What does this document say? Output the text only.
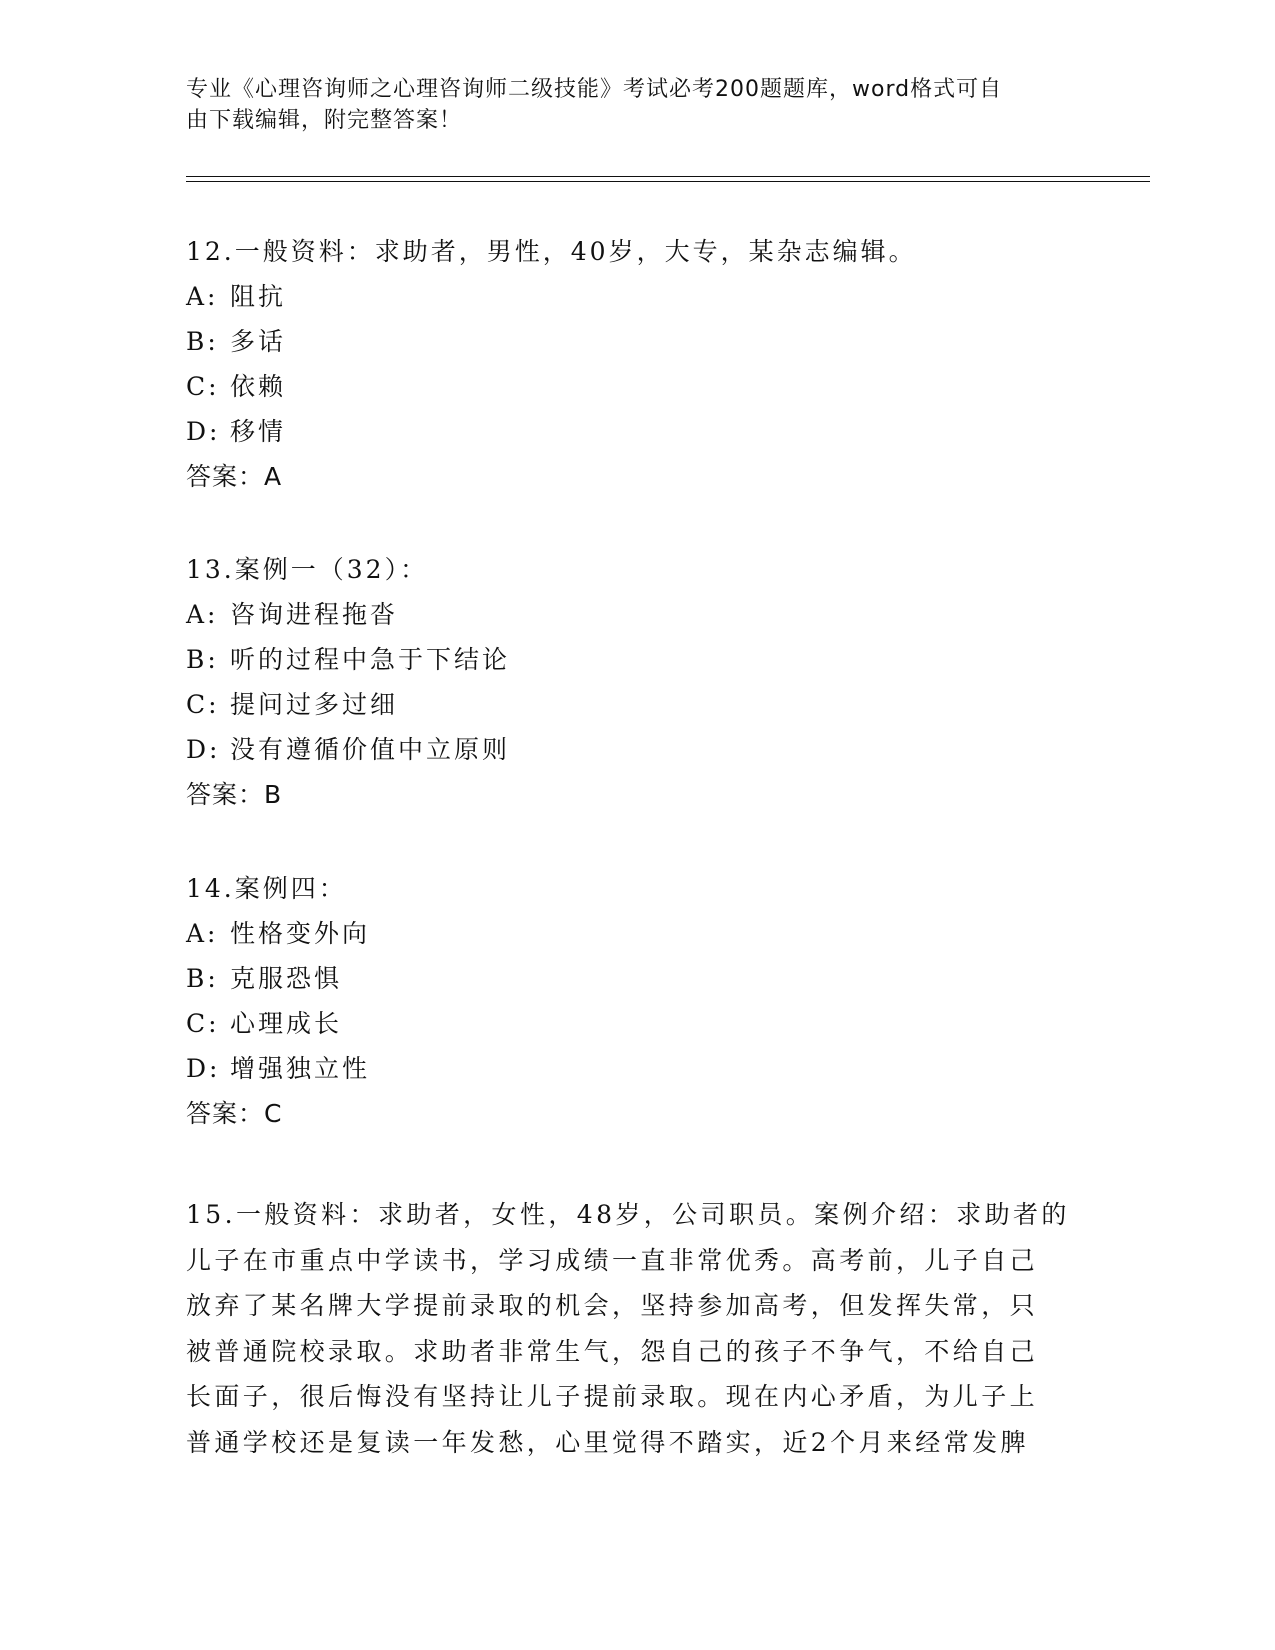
专业《心理咨询师之心理咨询师二级技能》考试必考200题题库，word格式可自
由下载编辑，附完整答案！
12.一般资料：求助者，男性，40岁，大专，某杂志编辑。
A: 阻抗
B: 多话
C: 依赖
D: 移情
答案：A
13.案例一（32）：
A: 咨询进程拖沓
B: 听的过程中急于下结论
C: 提问过多过细
D: 没有遵循价值中立原则
答案：B
14.案例四：
A: 性格变外向
B: 克服恐惧
C: 心理成长
D: 增强独立性
答案：C
15.一般资料：求助者，女性，48岁，公司职员。案例介绍：求助者的
儿子在市重点中学读书，学习成绩一直非常优秀。高考前，儿子自己
放弃了某名牌大学提前录取的机会，坚持参加高考，但发挥失常，只
被普通院校录取。求助者非常生气，怨自己的孩子不争气，不给自己
长面子，很后悔没有坚持让儿子提前录取。现在内心矛盾，为儿子上
普通学校还是复读一年发愁，心里觉得不踏实，近2个月来经常发脾
